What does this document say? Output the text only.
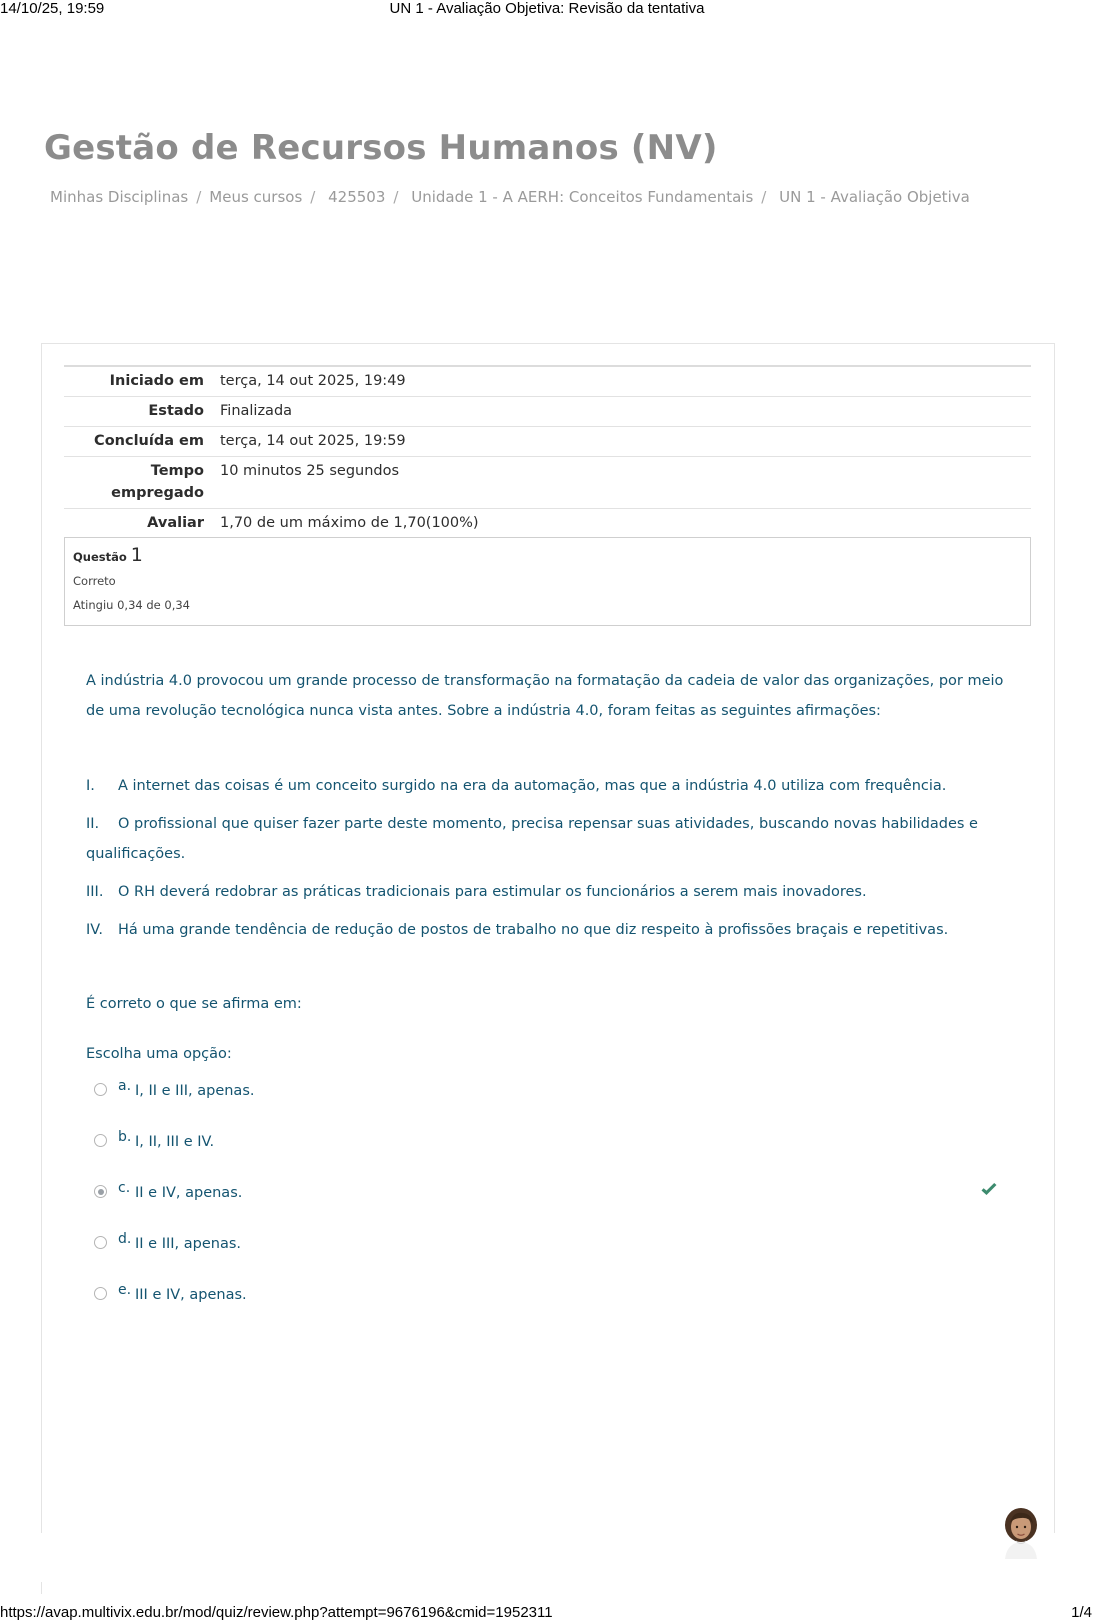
14/10/25, 19:59	UN 1 - Avaliação Objetiva: Revisão da tentativa
Gestão de Recursos Humanos (NV)
Minhas Disciplinas / Meus cursos / 425503 / Unidade 1 - A AERH: Conceitos Fundamentais / UN 1 - Avaliação Objetiva
Iniciado em	terça, 14 out 2025, 19:49
Estado	Finalizada
Concluída em	terça, 14 out 2025, 19:59
Tempo
empregado
10 minutos 25 segundos
Avaliar	1,70 de um máximo de 1,70(100%)
Questão 1
Correto
Atingiu 0,34 de 0,34
A indústria 4.0 provocou um grande processo de transformação na formatação da cadeia de valor das organizações, por meio de uma revolução tecnológica nunca vista antes. Sobre a indústria 4.0, foram feitas as seguintes afirmações:
I. A internet das coisas é um conceito surgido na era da automação, mas que a indústria 4.0 utiliza com frequência.
II. O profissional que quiser fazer parte deste momento, precisa repensar suas atividades, buscando novas habilidades e qualificações.
III. O RH deverá redobrar as práticas tradicionais para estimular os funcionários a serem mais inovadores.
IV. Há uma grande tendência de redução de postos de trabalho no que diz respeito à profissões braçais e repetitivas.
É correto o que se afirma em:
Escolha uma opção:
a. I, II e III, apenas.
b. I, II, III e IV.
c. II e IV, apenas.
d. II e III, apenas.
e. III e IV, apenas.
https://avap.multivix.edu.br/mod/quiz/review.php?attempt=9676196&cmid=1952311	1/4
